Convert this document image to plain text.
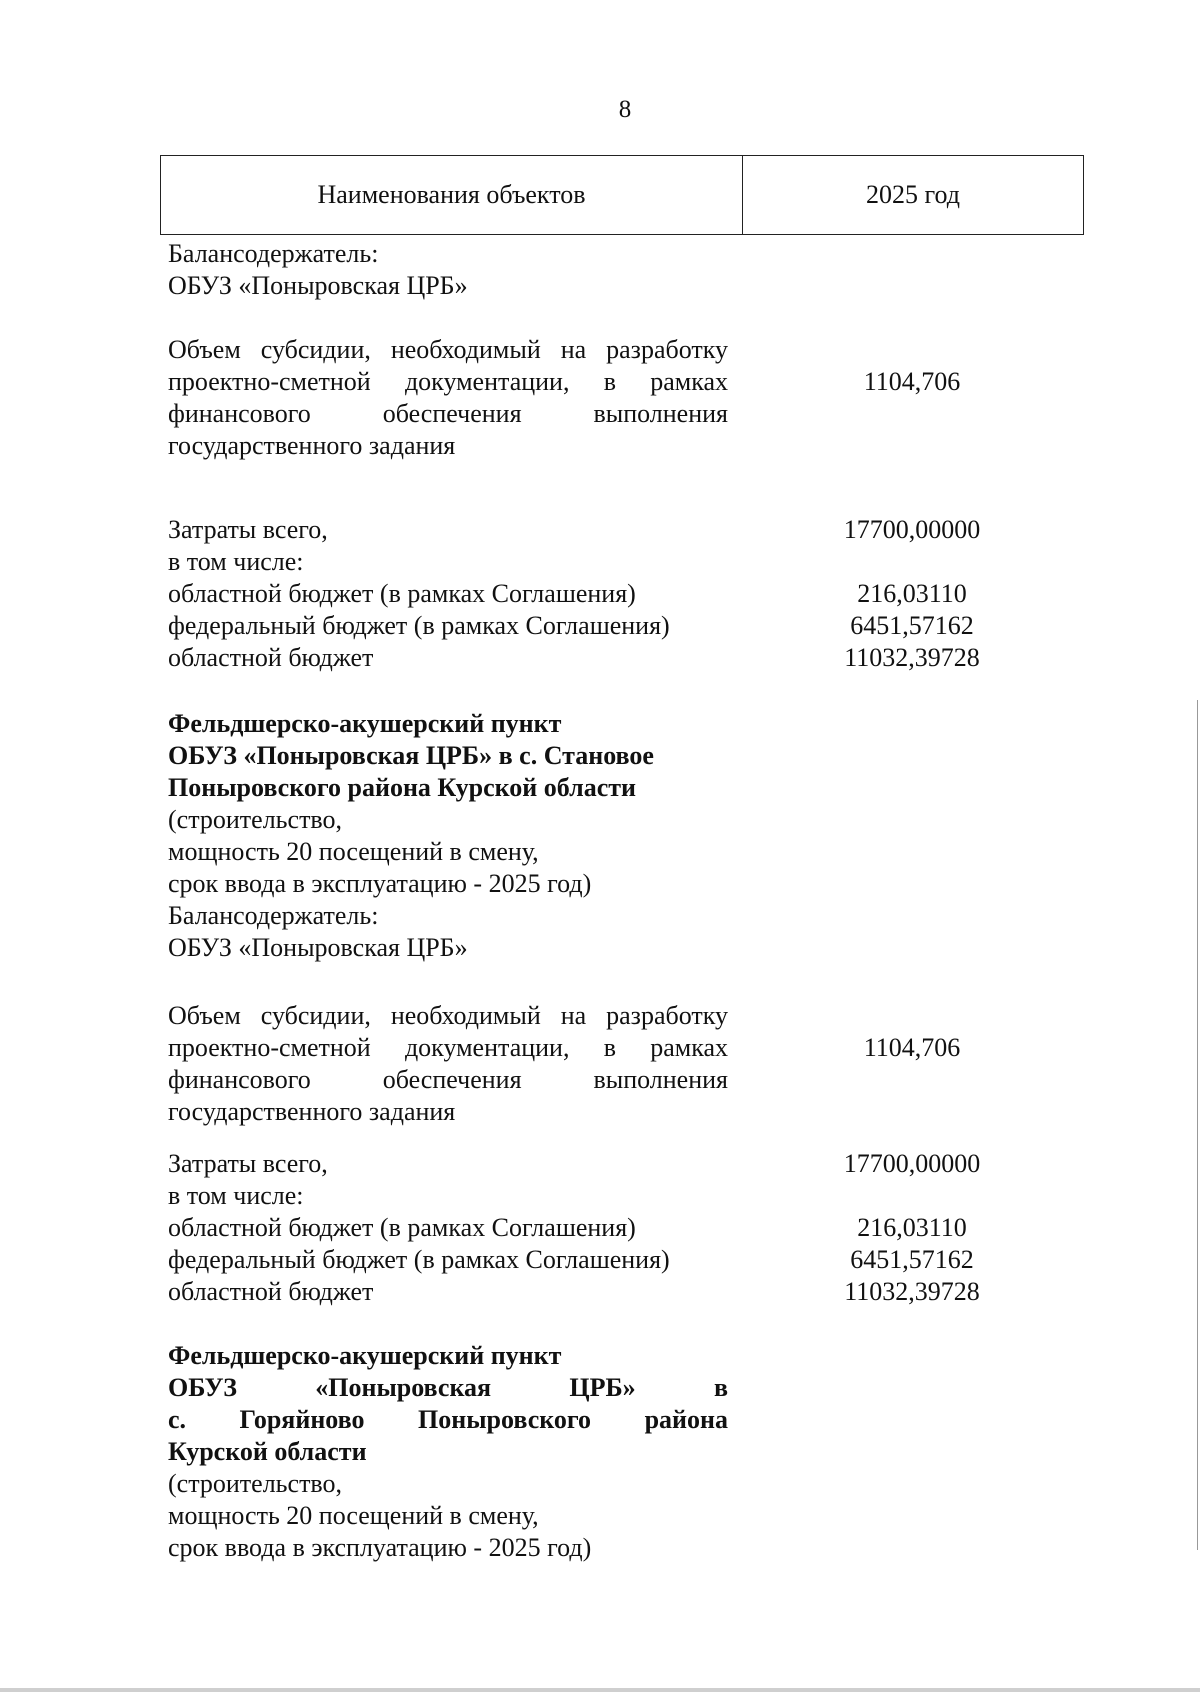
8
Наименования объектов	2025 год
Балансодержатель:
ОБУЗ «Поныровская ЦРБ»
Объем субсидии, необходимый на разработку
проектно-сметной документации, в рамках
финансового обеспечения выполнения
государственного задания
1104,706
Затраты всего,
в том числе:
областной бюджет (в рамках Соглашения)
федеральный бюджет (в рамках Соглашения)
областной бюджет
17700,00000
216,03110
6451,57162
11032,39728
Фельдшерско-акушерский пункт
ОБУЗ «Поныровская ЦРБ» в с. Становое
Поныровского района Курской области
(строительство,
мощность 20 посещений в смену,
срок ввода в эксплуатацию - 2025 год)
Балансодержатель:
ОБУЗ «Поныровская ЦРБ»
Объем субсидии, необходимый на разработку
проектно-сметной документации, в рамках
финансового обеспечения выполнения
государственного задания
1104,706
Затраты всего,
в том числе:
областной бюджет (в рамках Соглашения)
федеральный бюджет (в рамках Соглашения)
областной бюджет
17700,00000
216,03110
6451,57162
11032,39728
Фельдшерско-акушерский пункт
ОБУЗ «Поныровская ЦРБ» в
с. Горяйново Поныровского района
Курской области
(строительство,
мощность 20 посещений в смену,
срок ввода в эксплуатацию - 2025 год)
